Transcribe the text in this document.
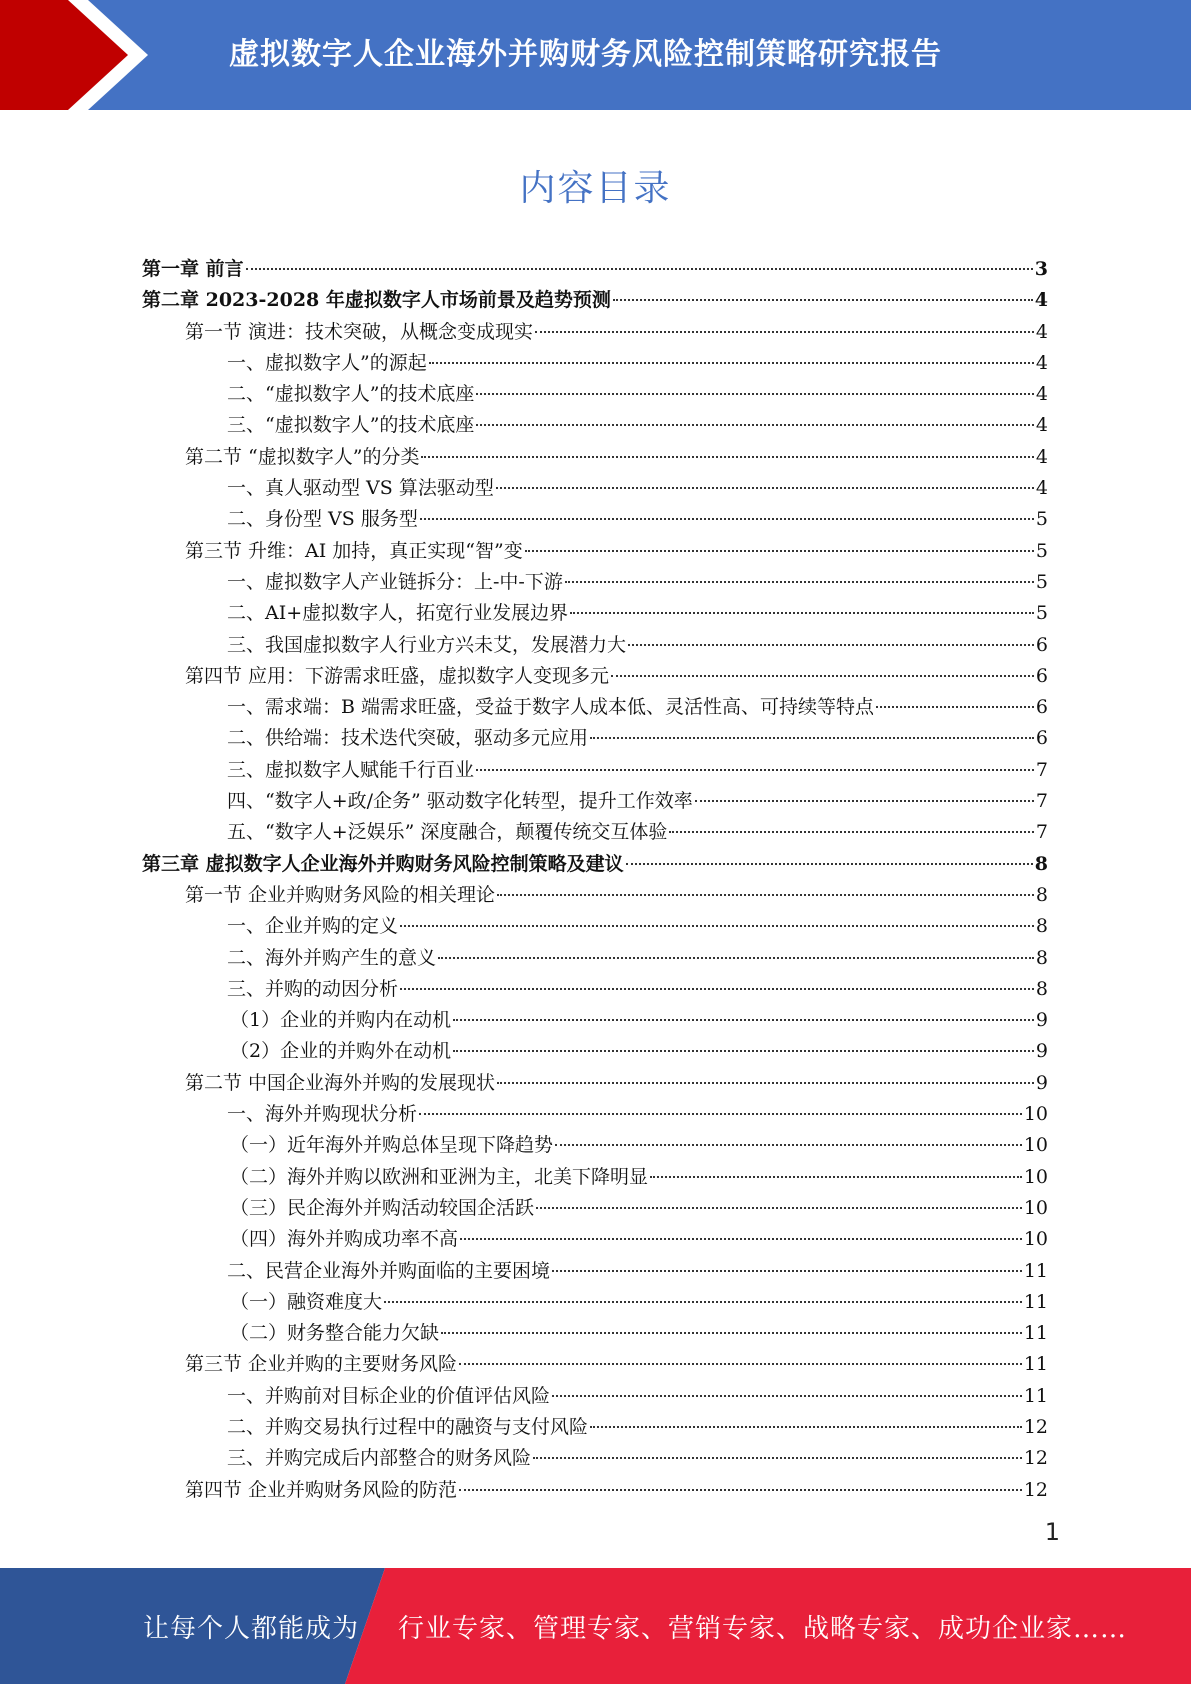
虚拟数字人企业海外并购财务风险控制策略研究报告
内容目录
第一章 前言	3
第二章 2023-2028 年虚拟数字人市场前景及趋势预测	4
第一节 演进：技术突破，从概念变成现实	4
一、虚拟数字人”的源起	4
二、“虚拟数字人”的技术底座	4
三、“虚拟数字人”的技术底座	4
第二节 “虚拟数字人”的分类	4
一、真人驱动型 VS 算法驱动型	4
二、身份型 VS 服务型	5
第三节 升维：AI 加持，真正实现“智”变	5
一、虚拟数字人产业链拆分：上-中-下游	5
二、AI+虚拟数字人，拓宽行业发展边界	5
三、我国虚拟数字人行业方兴未艾，发展潜力大	6
第四节 应用：下游需求旺盛，虚拟数字人变现多元	6
一、需求端：B 端需求旺盛，受益于数字人成本低、灵活性高、可持续等特点	6
二、供给端：技术迭代突破，驱动多元应用	6
三、虚拟数字人赋能千行百业	7
四、“数字人+政/企务” 驱动数字化转型，提升工作效率	7
五、“数字人+泛娱乐” 深度融合，颠覆传统交互体验	7
第三章 虚拟数字人企业海外并购财务风险控制策略及建议	8
第一节 企业并购财务风险的相关理论	8
一、企业并购的定义	8
二、海外并购产生的意义	8
三、并购的动因分析	8
（1）企业的并购内在动机	9
（2）企业的并购外在动机	9
第二节 中国企业海外并购的发展现状	9
一、海外并购现状分析	10
（一）近年海外并购总体呈现下降趋势	10
（二）海外并购以欧洲和亚洲为主，北美下降明显	10
（三）民企海外并购活动较国企活跃	10
（四）海外并购成功率不高	10
二、民营企业海外并购面临的主要困境	11
（一）融资难度大	11
（二）财务整合能力欠缺	11
第三节 企业并购的主要财务风险	11
一、并购前对目标企业的价值评估风险	11
二、并购交易执行过程中的融资与支付风险	12
三、并购完成后内部整合的财务风险	12
第四节 企业并购财务风险的防范	12
1
让每个人都能成为 行业专家、管理专家、营销专家、战略专家、成功企业家……
